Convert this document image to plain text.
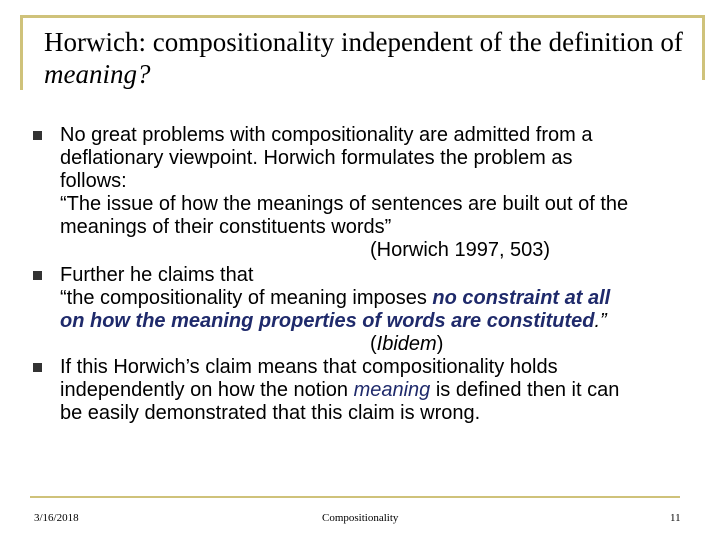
Horwich: compositionality independent of the definition of meaning?
No great problems with compositionality are admitted from a
deflationary viewpoint. Horwich formulates the problem as
follows:
“The issue of how the meanings of sentences are built out of the
meanings of their constituents words”
(Horwich 1997, 503)
Further he claims that
“the compositionality of meaning imposes no constraint at all
on how the meaning properties of words are constituted.”
(Ibidem)
If this Horwich’s claim means that compositionality holds
independently on how the notion meaning is defined then it can
be easily demonstrated that this claim is wrong.
3/16/2018	Compositionality	11
